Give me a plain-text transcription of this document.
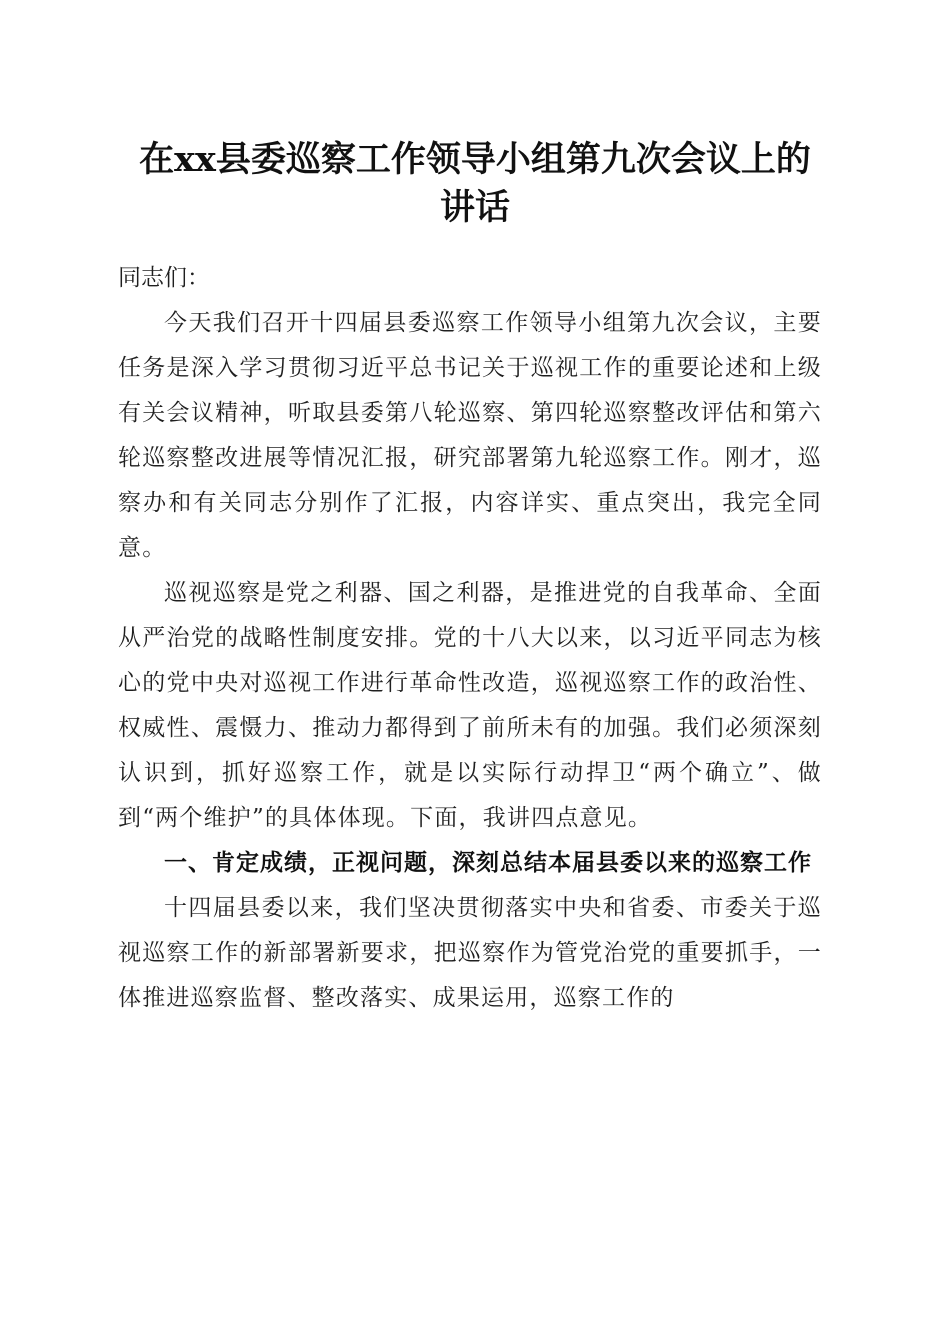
在xx县委巡察工作领导小组第九次会议上的
讲话

同志们：

今天我们召开十四届县委巡察工作领导小组第九次会议，主要任务是深入学习贯彻习近平总书记关于巡视工作的重要论述和上级有关会议精神，听取县委第八轮巡察、第四轮巡察整改评估和第六轮巡察整改进展等情况汇报，研究部署第九轮巡察工作。刚才，巡察办和有关同志分别作了汇报，内容详实、重点突出，我完全同意。

巡视巡察是党之利器、国之利器，是推进党的自我革命、全面从严治党的战略性制度安排。党的十八大以来，以习近平同志为核心的党中央对巡视工作进行革命性改造，巡视巡察工作的政治性、权威性、震慑力、推动力都得到了前所未有的加强。我们必须深刻认识到，抓好巡察工作，就是以实际行动捍卫“两个确立”、做到“两个维护”的具体体现。下面，我讲四点意见。

一、肯定成绩，正视问题，深刻总结本届县委以来的巡察工作

十四届县委以来，我们坚决贯彻落实中央和省委、市委关于巡视巡察工作的新部署新要求，把巡察作为管党治党的重要抓手，一体推进巡察监督、整改落实、成果运用，巡察工作的
